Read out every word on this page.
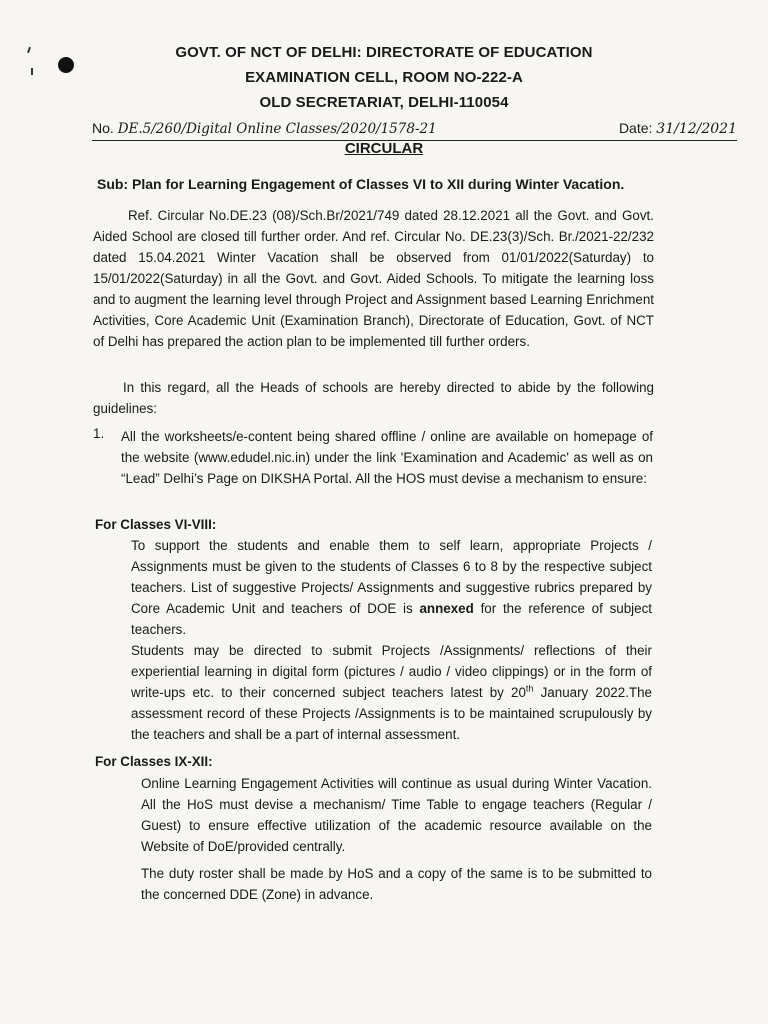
GOVT. OF NCT OF DELHI: DIRECTORATE OF EDUCATION
EXAMINATION CELL, ROOM NO-222-A
OLD SECRETARIAT, DELHI-110054
No. DE.5/260/Digital Online Classes/2020/1578-21	Date: 31/12/2021
CIRCULAR
Sub: Plan for Learning Engagement of Classes VI to XII during Winter Vacation.

Ref. Circular No.DE.23 (08)/Sch.Br/2021/749 dated 28.12.2021 all the Govt. and Govt. Aided School are closed till further order. And ref. Circular No. DE.23(3)/Sch. Br./2021-22/232 dated 15.04.2021 Winter Vacation shall be observed from 01/01/2022(Saturday) to 15/01/2022(Saturday) in all the Govt. and Govt. Aided Schools. To mitigate the learning loss and to augment the learning level through Project and Assignment based Learning Enrichment Activities, Core Academic Unit (Examination Branch), Directorate of Education, Govt. of NCT of Delhi has prepared the action plan to be implemented till further orders.

In this regard, all the Heads of schools are hereby directed to abide by the following guidelines:

1. All the worksheets/e-content being shared offline / online are available on homepage of the website (www.edudel.nic.in) under the link 'Examination and Academic' as well as on “Lead” Delhi’s Page on DIKSHA Portal. All the HOS must devise a mechanism to ensure:

For Classes VI-VIII:

To support the students and enable them to self learn, appropriate Projects / Assignments must be given to the students of Classes 6 to 8 by the respective subject teachers. List of suggestive Projects/ Assignments and suggestive rubrics prepared by Core Academic Unit and teachers of DOE is annexed for the reference of subject teachers.

Students may be directed to submit Projects /Assignments/ reflections of their experiential learning in digital form (pictures / audio / video clippings) or in the form of write-ups etc. to their concerned subject teachers latest by 20th January 2022.The assessment record of these Projects /Assignments is to be maintained scrupulously by the teachers and shall be a part of internal assessment.

For Classes IX-XII:

Online Learning Engagement Activities will continue as usual during Winter Vacation. All the HoS must devise a mechanism/ Time Table to engage teachers (Regular / Guest) to ensure effective utilization of the academic resource available on the Website of DoE/provided centrally.

The duty roster shall be made by HoS and a copy of the same is to be submitted to the concerned DDE (Zone) in advance.
